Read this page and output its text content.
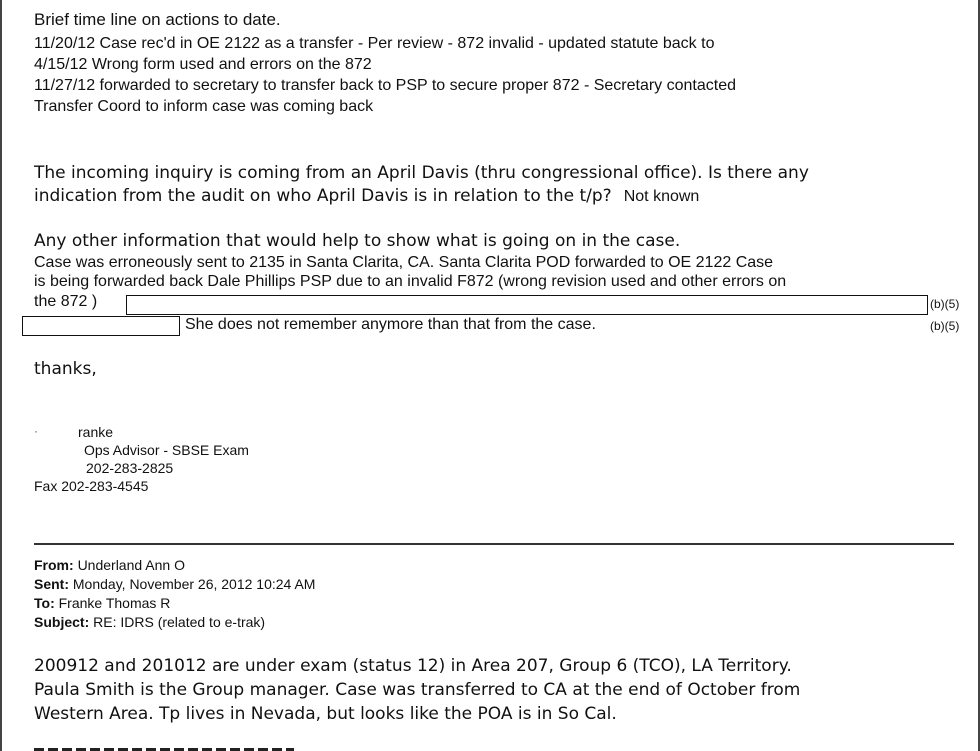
Brief time line on actions to date.
11/20/12 Case rec'd in OE 2122 as a transfer - Per review - 872 invalid - updated statute back to
4/15/12 Wrong form used and errors on the 872
11/27/12 forwarded to secretary to transfer back to PSP to secure proper 872 - Secretary contacted
Transfer Coord to inform case was coming back
The incoming inquiry is coming from an April Davis (thru congressional office). Is there any
indication from the audit on who April Davis is in relation to the t/p? Not known
Any other information that would help to show what is going on in the case.
Case was erroneously sent to 2135 in Santa Clarita, CA. Santa Clarita POD forwarded to OE 2122 Case
is being forwarded back Dale Phillips PSP due to an invalid F872 (wrong revision used and other errors on
the 872 )	(b)(5)
She does not remember anymore than that from the case.	(b)(5)
thanks,
·	ranke
Ops Advisor - SBSE Exam
202-283-2825
Fax 202-283-4545
From: Underland Ann O
Sent: Monday, November 26, 2012 10:24 AM
To: Franke Thomas R
Subject: RE: IDRS (related to e-trak)
200912 and 201012 are under exam (status 12) in Area 207, Group 6 (TCO), LA Territory.
Paula Smith is the Group manager. Case was transferred to CA at the end of October from
Western Area. Tp lives in Nevada, but looks like the POA is in So Cal.
